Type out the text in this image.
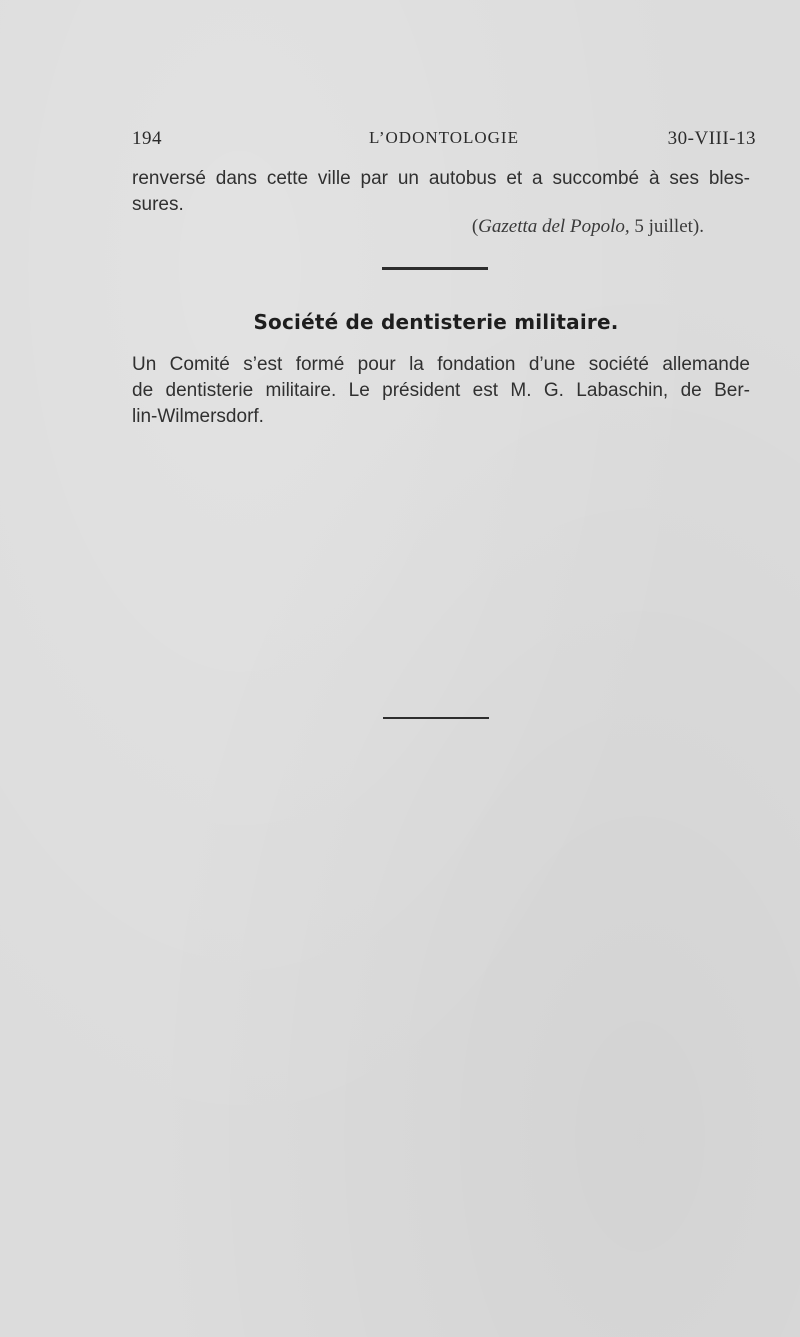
194	L’ODONTOLOGIE	30-VIII-13
renversé dans cette ville par un autobus et a succombé à ses bles-
sures.
(Gazetta del Popolo, 5 juillet).
Société de dentisterie militaire.
Un Comité s’est formé pour la fondation d’une société allemande
de dentisterie militaire. Le président est M. G. Labaschin, de Ber-
lin-Wilmersdorf.
